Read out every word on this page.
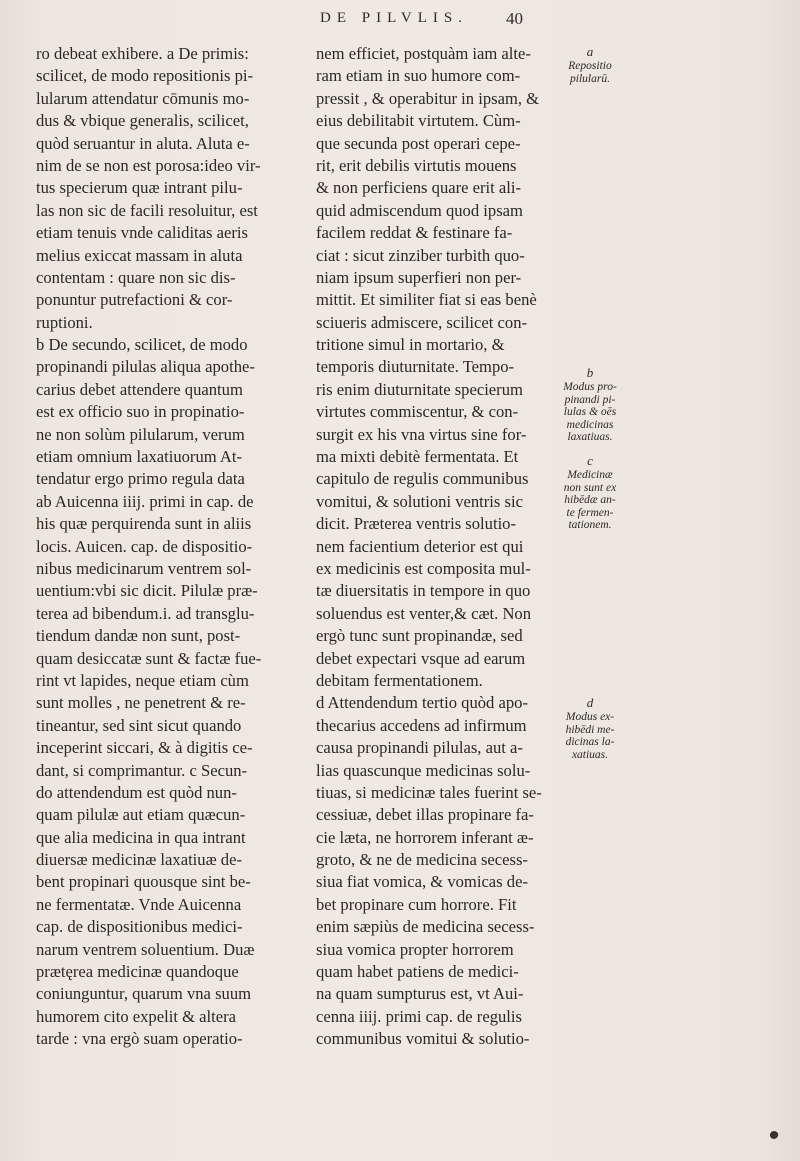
DE PILVLIS. 40
ro debeat exhibere. a De primis:
scilicet, de modo repositionis pi-
lularum attendatur cōmunis mo-
dus & vbique generalis, scilicet,
quòd seruantur in aluta. Aluta e-
nim de se non est porosa:ideo vir-
tus specierum quæ intrant pilu-
las non sic de facili resoluitur, est
etiam tenuis vnde caliditas aeris
melius exiccat massam in aluta
contentam : quare non sic dis-
ponuntur putrefactioni & cor-
ruptioni.
b De secundo, scilicet, de modo
propinandi pilulas aliqua apothe-
carius debet attendere quantum
est ex officio suo in propinatio-
ne non solùm pilularum, verum
etiam omnium laxatiuorum At-
tendatur ergo primo regula data
ab Auicenna iiij. primi in cap. de
his quæ perquirenda sunt in aliis
locis. Auicen. cap. de dispositio-
nibus medicinarum ventrem sol-
uentium:vbi sic dicit. Pilulæ præ-
terea ad bibendum.i. ad transglu-
tiendum dandæ non sunt, post-
quam desiccatæ sunt & factæ fue-
rint vt lapides, neque etiam cùm
sunt molles , ne penetrent & re-
tineantur, sed sint sicut quando
inceperint siccari, & à digitis ce-
dant, si comprimantur. c Secun-
do attendendum est quòd nun-
quam pilulæ aut etiam quæcun-
que alia medicina in qua intrant
diuersæ medicinæ laxatiuæ de-
bent propinari quousque sint be-
ne fermentatæ. Vnde Auicenna
cap. de dispositionibus medici-
narum ventrem soluentium. Duæ
prætęrea medicinæ quandoque
coniunguntur, quarum vna suum
humorem cito expelit & altera
tarde : vna ergò suam operatio-
nem efficiet, postquàm iam alte-
ram etiam in suo humore com-
pressit , & operabitur in ipsam, &
eius debilitabit virtutem. Cùm-
que secunda post operari cepe-
rit, erit debilis virtutis mouens
& non perficiens quare erit ali-
quid admiscendum quod ipsam
facilem reddat & festinare fa-
ciat : sicut zinziber turbith quo-
niam ipsum superfieri non per-
mittit. Et similiter fiat si eas benè
sciueris admiscere, scilicet con-
tritione simul in mortario, &
temporis diuturnitate. Tempo-
ris enim diuturnitate specierum
virtutes commiscentur, & con-
surgit ex his vna virtus sine for-
ma mixti debitè fermentata. Et
capitulo de regulis communibus
vomitui, & solutioni ventris sic
dicit. Præterea ventris solutio-
nem facientium deterior est qui
ex medicinis est composita mul-
tæ diuersitatis in tempore in quo
soluendus est venter,& cæt. Non
ergò tunc sunt propinandæ, sed
debet expectari vsque ad earum
debitam fermentationem.
d Attendendum tertio quòd apo-
thecarius accedens ad infirmum
causa propinandi pilulas, aut a-
lias quascunque medicinas solu-
tiuas, si medicinæ tales fuerint se-
cessiuæ, debet illas propinare fa-
cie læta, ne horrorem inferant æ-
groto, & ne de medicina secess-
siua fiat vomica, & vomicas de-
bet propinare cum horrore. Fit
enim sæpiùs de medicina secess-
siua vomica propter horrorem
quam habet patiens de medici-
na quam sumpturus est, vt Aui-
cenna iiij. primi cap. de regulis
communibus vomitui & solutio-
a
Repositio
pilularū.
b
Modus pro-
pinandi pi-
lulas & oēs
medicinas
laxatiuas.
c
Medicinæ
non sunt ex
hibēdæ an-
te fermen-
tationem.
d
Modus ex-
hibēdi me-
dicinas la-
xatiuas.
